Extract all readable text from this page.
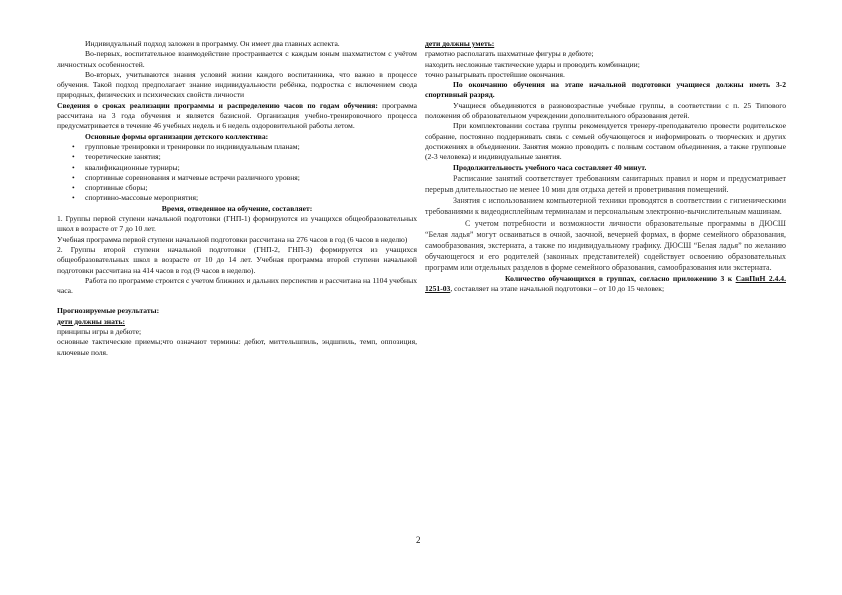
Индивидуальный подход заложен в программу. Он имеет два главных аспекта.

Во-первых, воспитательное взаимодействие простраивается с каждым юным шахматистом с учётом личностных особенностей.

Во-вторых, учитываются знания условий жизни каждого воспитанника, что важно в процессе обучения. Такой подход предполагает знание индивидуальности ребёнка, подростка с включением свода природных, физических и психических свойств личности

Сведения о сроках реализации программы и распределению часов по годам обучения: программа рассчитана на 3 года обучения и является базисной. Организация учебно-тренировочного процесса предусматривается в течение 46 учебных недель и 6 недель оздоровительной работы летом.

Основные формы организации детского коллектива:

• групповые тренировки и тренировки по индивидуальным планам;
• теоретические занятия;
• квалификационные турниры;
• спортивные соревнования и матчевые встречи различного уровня;
• спортивные сборы;
• спортивно-массовые мероприятия;

Время, отведенное на обучение, составляет:

1. Группы первой ступени начальной подготовки (ГНП-1) формируются из учащихся общеобразовательных школ в возрасте от 7 до 10 лет.

Учебная программа первой ступени начальной подготовки рассчитана на 276 часов в год (6 часов в неделю)

2. Группы второй ступени начальной подготовки (ГНП-2, ГНП-3) формируется из учащихся общеобразовательных школ в возрасте от 10 до 14 лет. Учебная программа второй ступени начальной подготовки рассчитана на 414 часов в год (9 часов в неделю).

Работа по программе строится с учетом ближних и дальних перспектив и рассчитана на 1104 учебных часа.

Прогнозируемые результаты:

дети должны знать:

принципы игры в дебюте;

основные тактические приемы;что означают термины: дебют, миттельшпиль, эндшпиль, темп, оппозиция, ключевые поля.

дети должны уметь:

грамотно располагать шахматные фигуры в дебюте;

находить несложные тактические удары и проводить комбинации;

точно разыгрывать простейшие окончания.

По окончанию обучения на этапе начальной подготовки учащиеся должны иметь 3-2 спортивный разряд.

Учащиеся объединяются в разновозрастные учебные группы, в соответствии с п. 25 Типового положения об образовательном учреждении дополнительного образования детей.

При комплектовании состава группы рекомендуется тренеру-преподавателю провести родительское собрание, постоянно поддерживать связь с семьей обучающегося и информировать о творческих и других достижениях в объединении. Занятия можно проводить с полным составом объединения, а также групповые (2-3 человека) и индивидуальные занятия.

Продолжительность учебного часа составляет 40 минут.

Расписание занятий соответствует требованиям санитарных правил и норм и предусматривает перерыв длительностью не менее 10 мин для отдыха детей и проветривания помещений.

Занятия с использованием компьютерной техники проводятся в соответствии с гигиеническими требованиями к видеодисплейным терминалам и персональным электронно-вычислительным машинам.

С учетом потребности и возможности личности образовательные программы в ДЮСШ “Белая ладья” могут осваиваться в очной, заочной, вечерней формах, в форме семейного образования, самообразования, экстерната, а также по индивидуальному графику. ДЮСШ “Белая ладья” по желанию обучающегося и его родителей (законных представителей) содействует освоению образовательных программ или отдельных разделов в форме семейного образования, самообразования или экстерната.

Количество обучающихся в группах, согласно приложению 3 к СанПиН 2.4.4. 1251-03, составляет на этапе начальной подготовки – от 10 до 15 человек;

2
